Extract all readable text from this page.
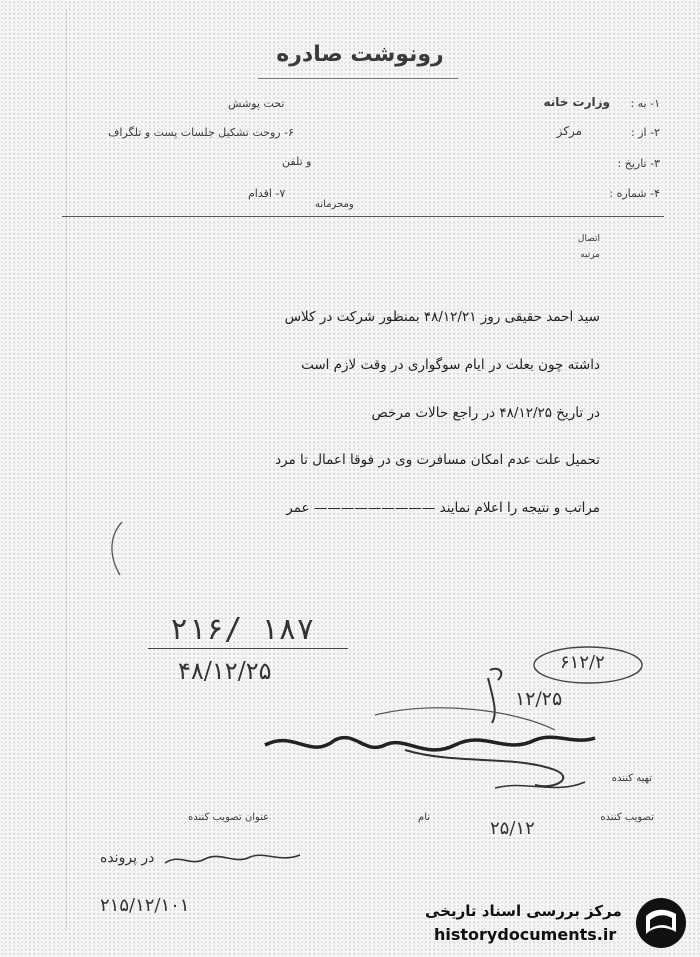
رونوشت صادره
۱- به :
وزارت خانه
تحت پوشش
۲- از :
مرکز
۶- روحت تشکیل جلسات پست و تلگراف
۳- تاریخ :
و تلفن
۴- شماره :
۷- اقدام
ومحرمانه
اتصال
مرتبه
سید احمد حقیقی روز ۴۸/۱۲/۲۱ بمنظور شرکت در کلاس
داشته چون بعلت در ایام سوگواری در وقت لازم است
در تاریخ ۴۸/۱۲/۲۵ در راجع حالات مرخص
تحمیل علت عدم امکان مسافرت وی در فوقا اعمال تا مرد
مراتب و نتیجه را اعلام نمایند ————————— عمر
۲۱۶/ ۱۸۷
۴۸/۱۲/۲۵	۶۱۲/۲
۱۲/۲۵
تهیه کننده
تصویب کننده
نام
عنوان تصویب کننده
۲۵/۱۲
در پرونده
۲۱۵/۱۲/۱۰۱	مرکز بررسی اسناد تاریخی
historydocuments.ir
